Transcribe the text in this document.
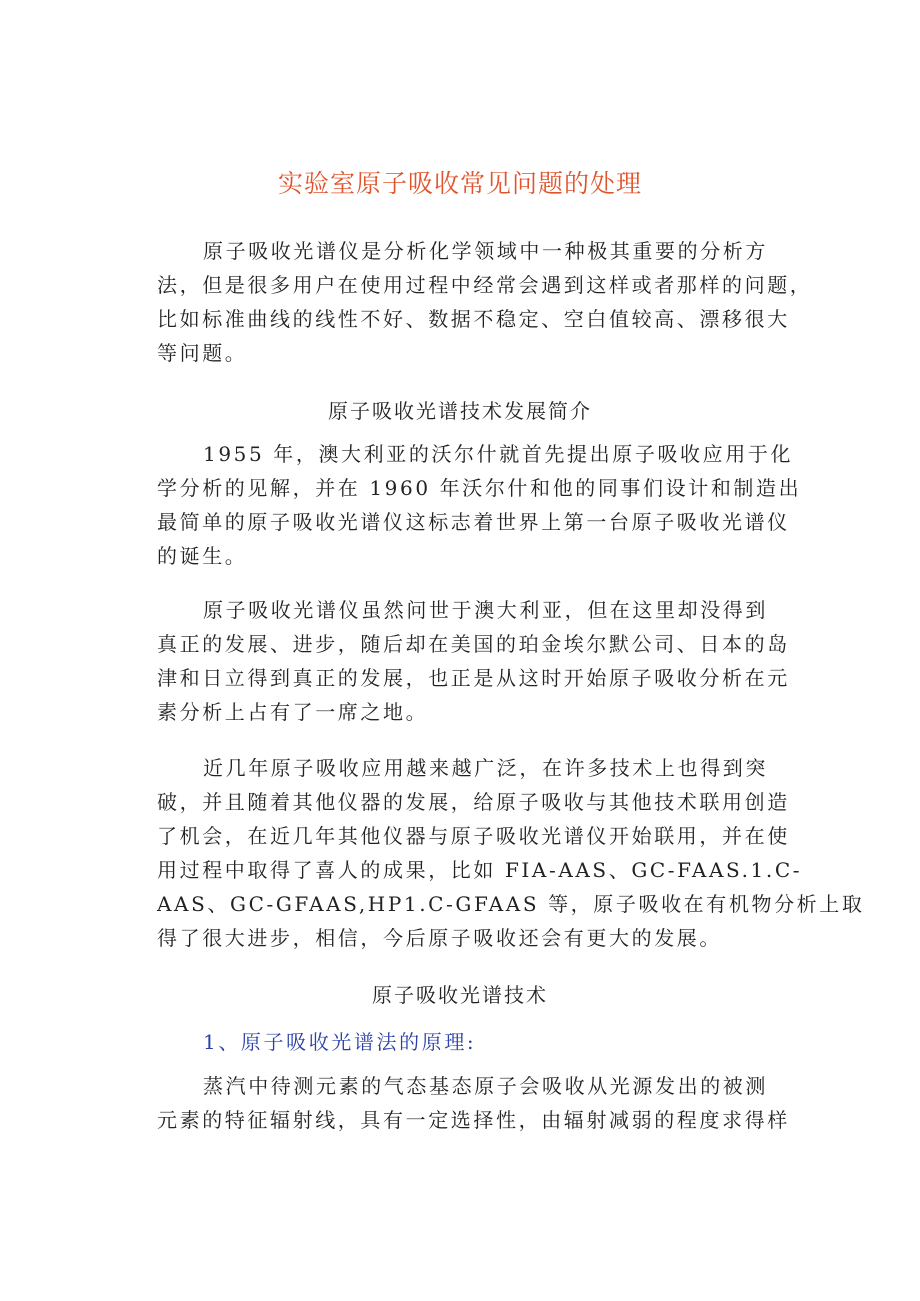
实验室原子吸收常见问题的处理
原子吸收光谱仪是分析化学领域中一种极其重要的分析方
法，但是很多用户在使用过程中经常会遇到这样或者那样的问题，
比如标准曲线的线性不好、数据不稳定、空白值较高、漂移很大
等问题。
原子吸收光谱技术发展简介
1955 年，澳大利亚的沃尔什就首先提出原子吸收应用于化
学分析的见解，并在 1960 年沃尔什和他的同事们设计和制造出
最简单的原子吸收光谱仪这标志着世界上第一台原子吸收光谱仪
的诞生。
原子吸收光谱仪虽然问世于澳大利亚，但在这里却没得到
真正的发展、进步，随后却在美国的珀金埃尔默公司、日本的岛
津和日立得到真正的发展，也正是从这时开始原子吸收分析在元
素分析上占有了一席之地。
近几年原子吸收应用越来越广泛，在许多技术上也得到突
破，并且随着其他仪器的发展，给原子吸收与其他技术联用创造
了机会，在近几年其他仪器与原子吸收光谱仪开始联用，并在使
用过程中取得了喜人的成果，比如 FIA-AAS、GC-FAAS.1.C-
AAS、GC-GFAAS,HP1.C-GFAAS 等，原子吸收在有机物分析上取
得了很大进步，相信，今后原子吸收还会有更大的发展。
原子吸收光谱技术
1、原子吸收光谱法的原理:
蒸汽中待测元素的气态基态原子会吸收从光源发出的被测
元素的特征辐射线，具有一定选择性，由辐射减弱的程度求得样
